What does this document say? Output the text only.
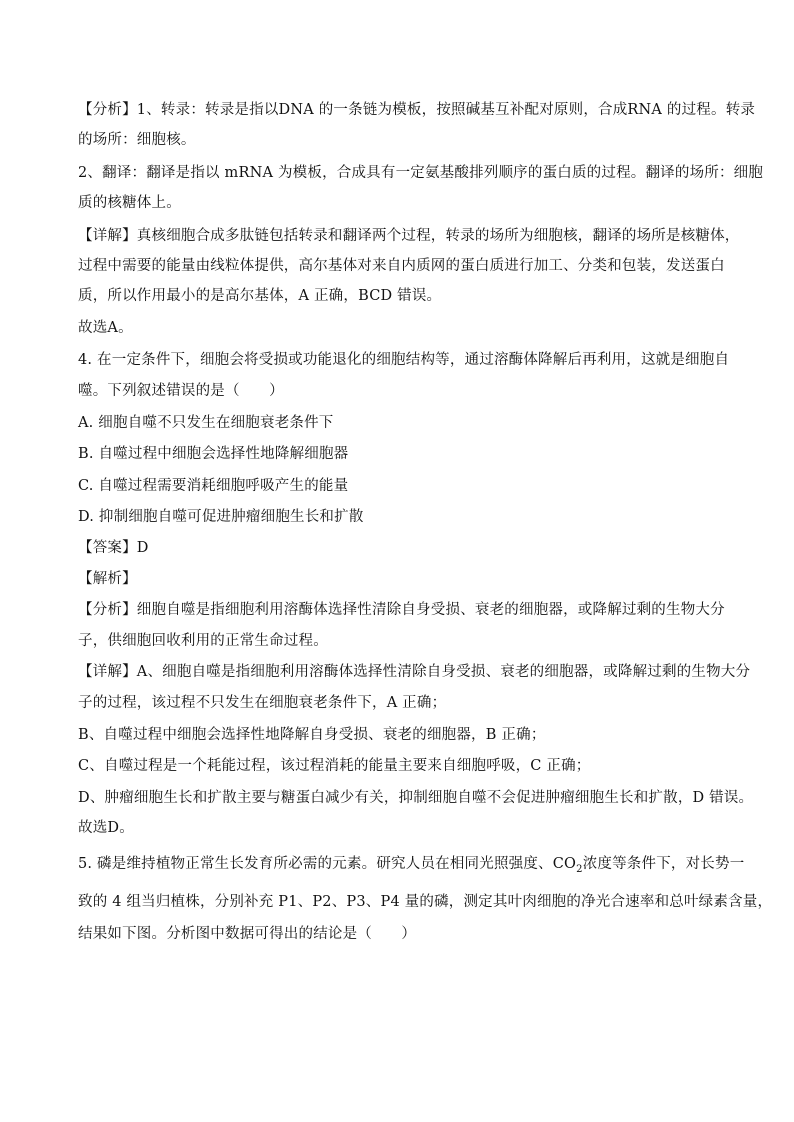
【分析】1、转录：转录是指以DNA 的一条链为模板，按照碱基互补配对原则，合成RNA 的过程。转录
的场所：细胞核。
2、翻译：翻译是指以 mRNA 为模板，合成具有一定氨基酸排列顺序的蛋白质的过程。翻译的场所：细胞
质的核糖体上。
【详解】真核细胞合成多肽链包括转录和翻译两个过程，转录的场所为细胞核，翻译的场所是核糖体，
过程中需要的能量由线粒体提供，高尔基体对来自内质网的蛋白质进行加工、分类和包装，发送蛋白
质，所以作用最小的是高尔基体，A 正确，BCD 错误。
故选A。
4. 在一定条件下，细胞会将受损或功能退化的细胞结构等，通过溶酶体降解后再利用，这就是细胞自
噬。下列叙述错误的是（　　）
A. 细胞自噬不只发生在细胞衰老条件下
B. 自噬过程中细胞会选择性地降解细胞器
C. 自噬过程需要消耗细胞呼吸产生的能量
D. 抑制细胞自噬可促进肿瘤细胞生长和扩散
【答案】D
【解析】
【分析】细胞自噬是指细胞利用溶酶体选择性清除自身受损、衰老的细胞器，或降解过剩的生物大分
子，供细胞回收利用的正常生命过程。
【详解】A、细胞自噬是指细胞利用溶酶体选择性清除自身受损、衰老的细胞器，或降解过剩的生物大分
子的过程，该过程不只发生在细胞衰老条件下，A 正确；
B、自噬过程中细胞会选择性地降解自身受损、衰老的细胞器，B 正确；
C、自噬过程是一个耗能过程，该过程消耗的能量主要来自细胞呼吸，C 正确；
D、肿瘤细胞生长和扩散主要与糖蛋白减少有关，抑制细胞自噬不会促进肿瘤细胞生长和扩散，D 错误。
故选D。
5. 磷是维持植物正常生长发育所必需的元素。研究人员在相同光照强度、$CO_2$浓度等条件下，对长势一
致的 4 组当归植株，分别补充 P1、P2、P3、P4 量的磷，测定其叶肉细胞的净光合速率和总叶绿素含量，
结果如下图。分析图中数据可得出的结论是（　　）
